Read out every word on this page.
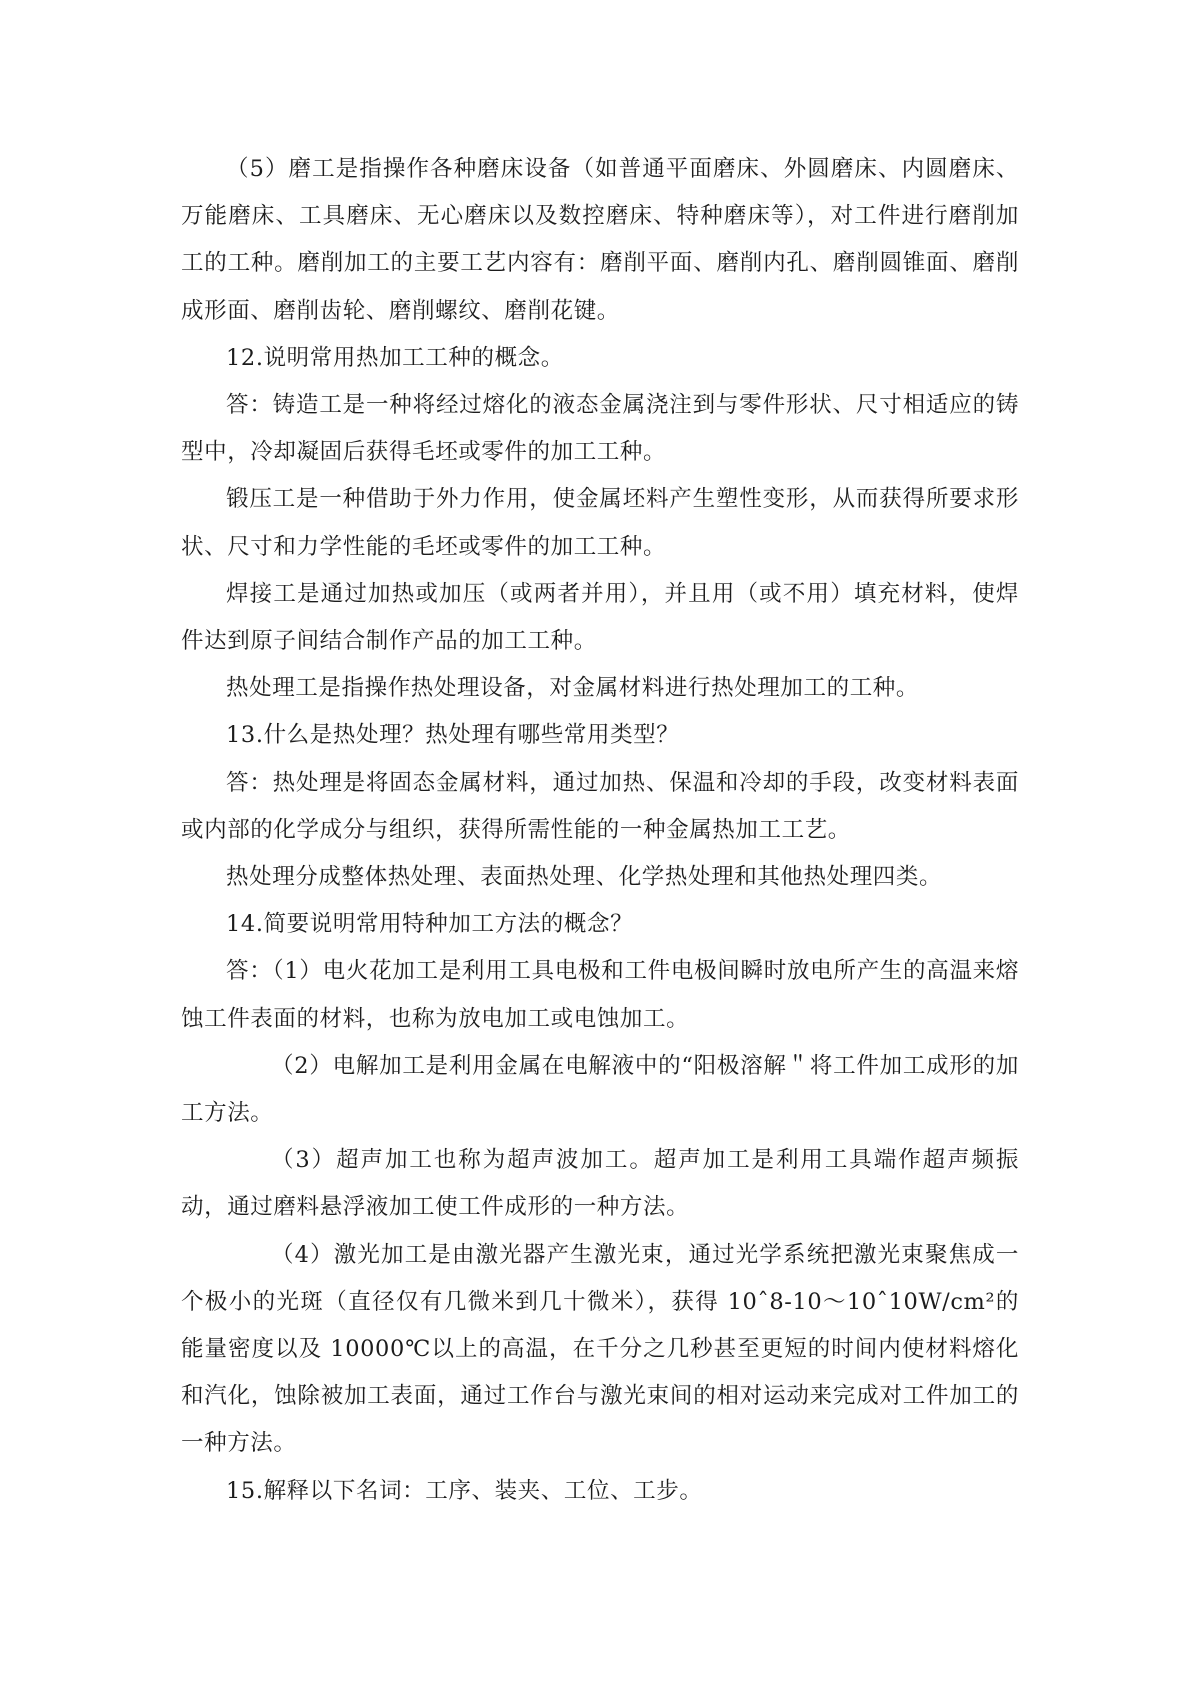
（5）磨工是指操作各种磨床设备（如普通平面磨床、外圆磨床、内圆磨床、万能磨床、工具磨床、无心磨床以及数控磨床、特种磨床等），对工件进行磨削加工的工种。磨削加工的主要工艺内容有：磨削平面、磨削内孔、磨削圆锥面、磨削成形面、磨削齿轮、磨削螺纹、磨削花键。

12.说明常用热加工工种的概念。

答：铸造工是一种将经过熔化的液态金属浇注到与零件形状、尺寸相适应的铸型中，冷却凝固后获得毛坯或零件的加工工种。

锻压工是一种借助于外力作用，使金属坯料产生塑性变形，从而获得所要求形状、尺寸和力学性能的毛坯或零件的加工工种。

焊接工是通过加热或加压（或两者并用），并且用（或不用）填充材料，使焊件达到原子间结合制作产品的加工工种。

热处理工是指操作热处理设备，对金属材料进行热处理加工的工种。

13.什么是热处理？热处理有哪些常用类型？

答：热处理是将固态金属材料，通过加热、保温和冷却的手段，改变材料表面或内部的化学成分与组织，获得所需性能的一种金属热加工工艺。

热处理分成整体热处理、表面热处理、化学热处理和其他热处理四类。

14.简要说明常用特种加工方法的概念？

答：（1）电火花加工是利用工具电极和工件电极间瞬时放电所产生的高温来熔蚀工件表面的材料，也称为放电加工或电蚀加工。

（2）电解加工是利用金属在电解液中的“阳极溶解＂将工件加工成形的加工方法。

（3）超声加工也称为超声波加工。超声加工是利用工具端作超声频振动，通过磨料悬浮液加工使工件成形的一种方法。

（4）激光加工是由激光器产生激光束，通过光学系统把激光束聚焦成一个极小的光斑（直径仅有几微米到几十微米），获得 10ˆ8-10～10ˆ10W/cm²的能量密度以及 10000℃以上的高温，在千分之几秒甚至更短的时间内使材料熔化和汽化，蚀除被加工表面，通过工作台与激光束间的相对运动来完成对工件加工的一种方法。

15.解释以下名词：工序、装夹、工位、工步。
